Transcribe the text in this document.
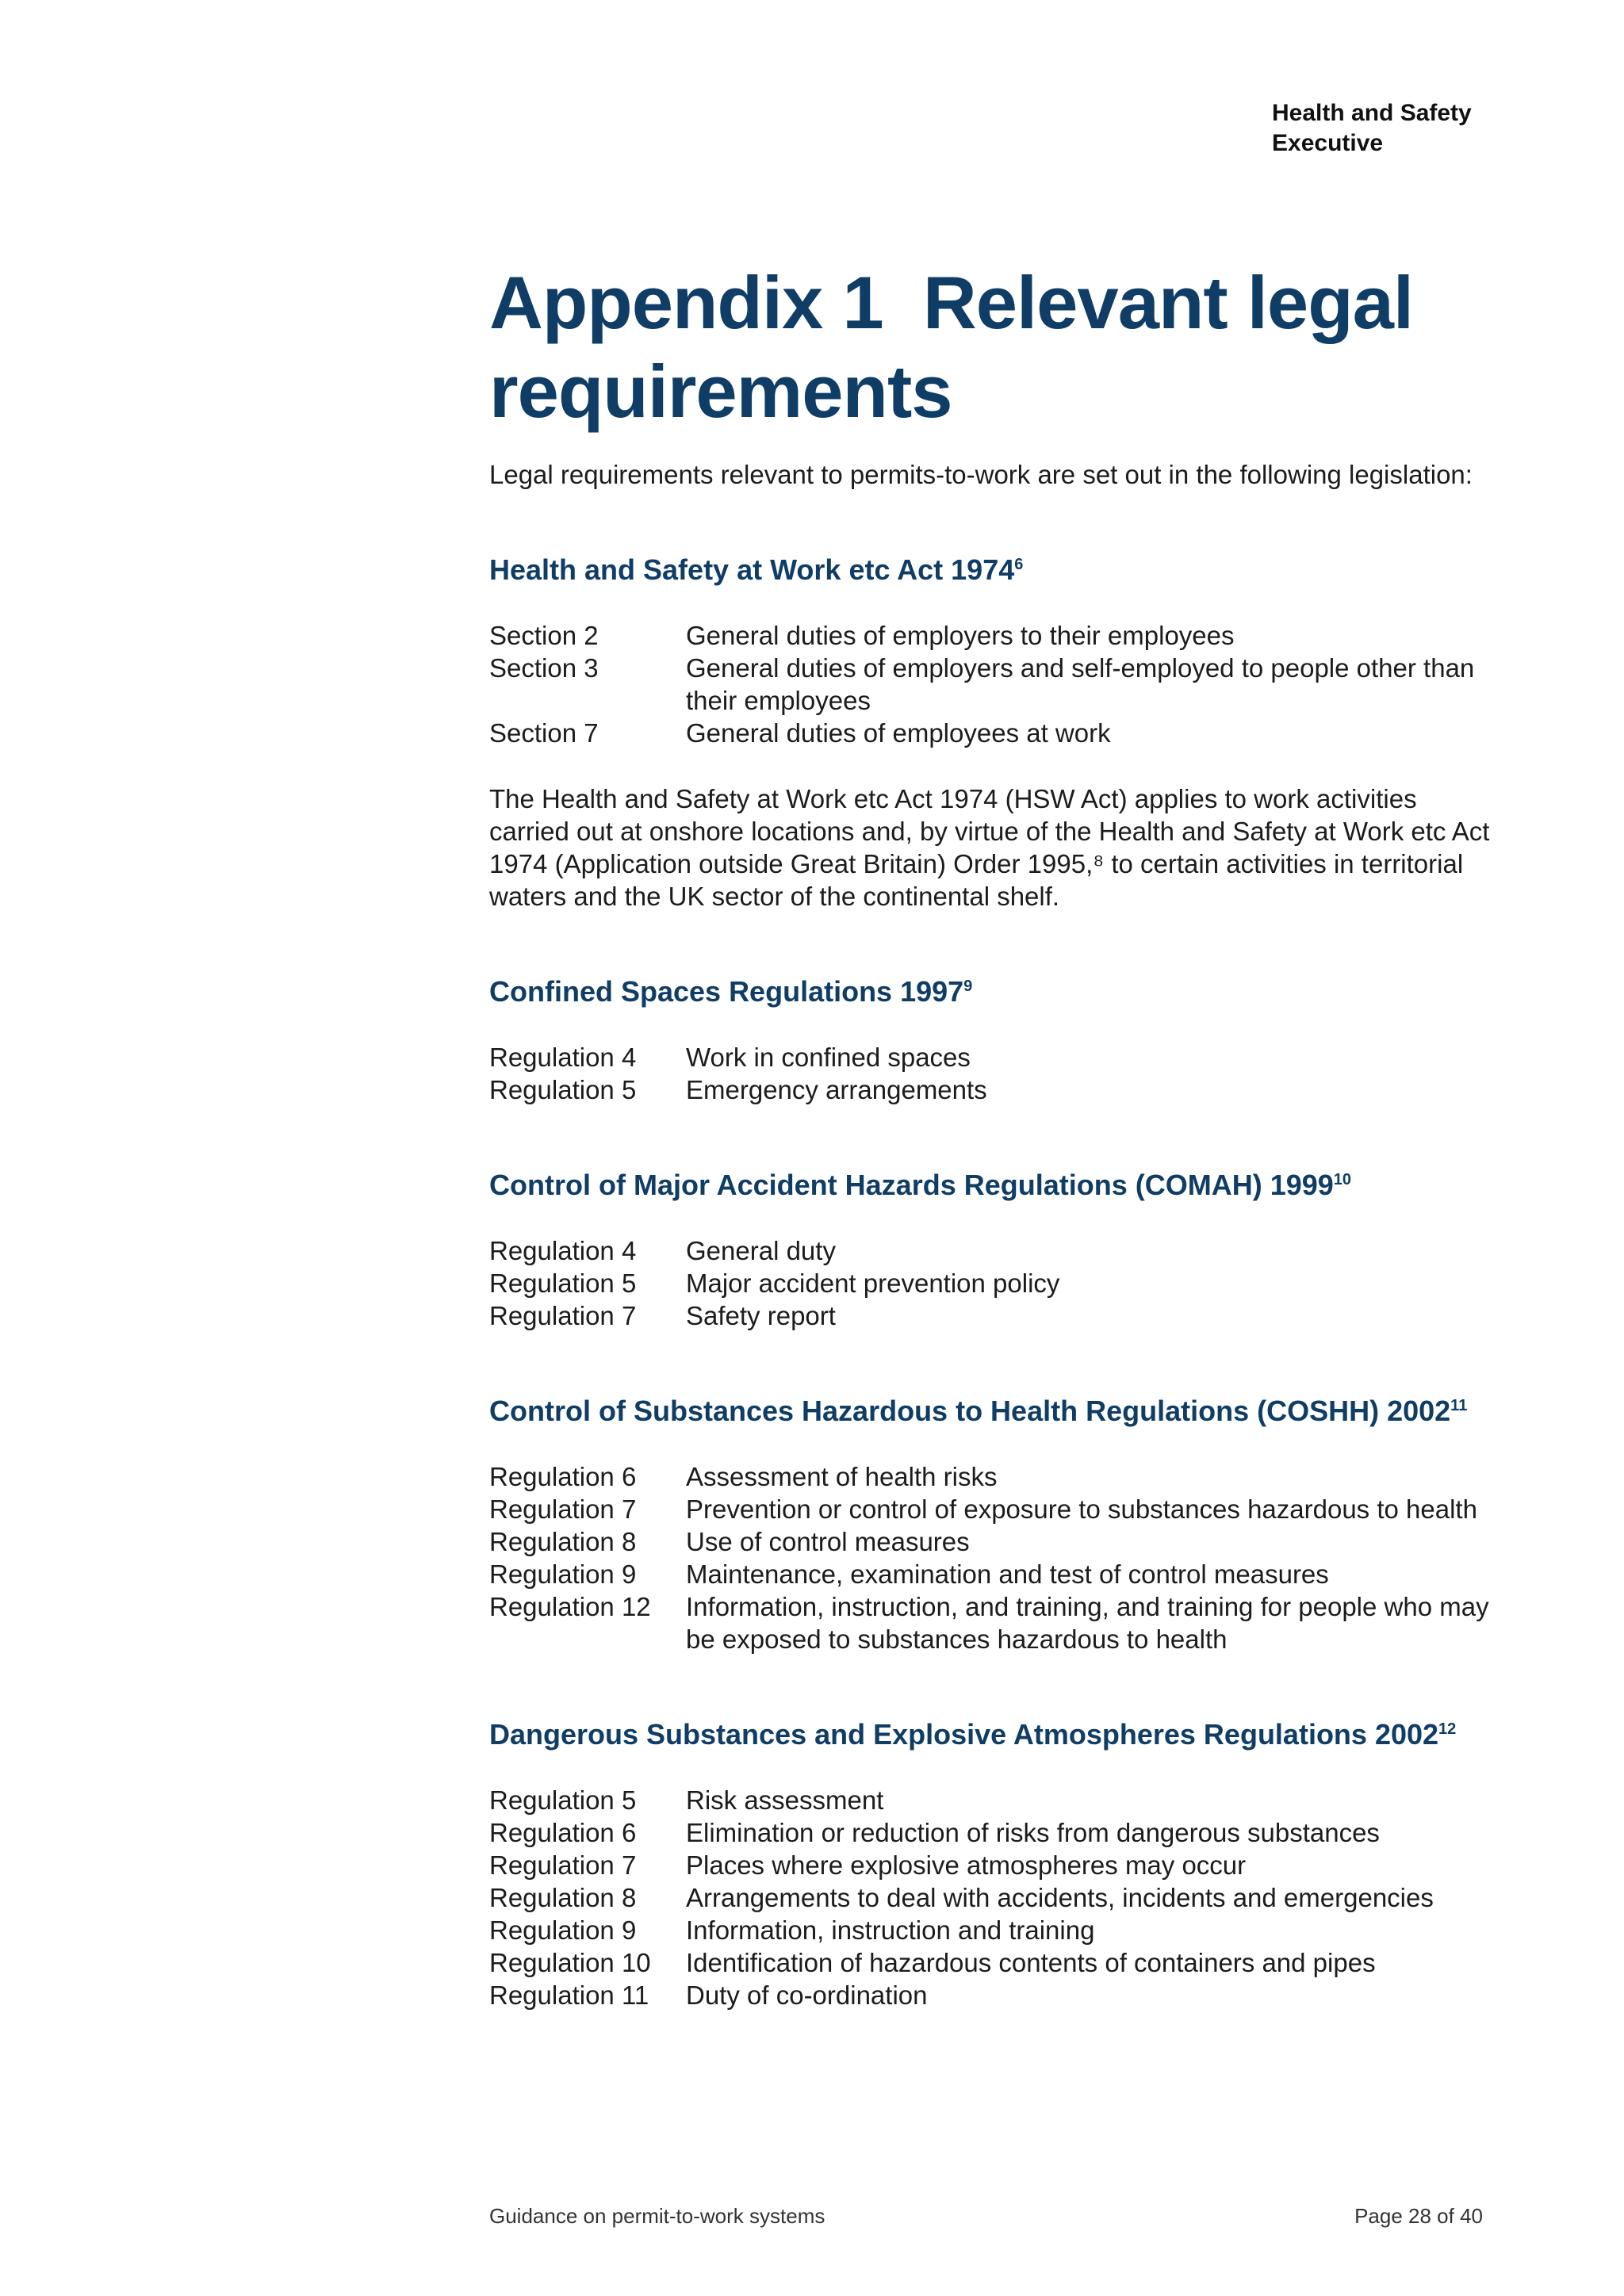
Health and Safety
Executive
Appendix 1  Relevant legal
requirements

Legal requirements relevant to permits-to-work are set out in the following legislation:

Health and Safety at Work etc Act 1974$^6$
Section 2	General duties of employers to their employees
Section 3	General duties of employers and self-employed to people other than their employees
Section 7	General duties of employees at work

The Health and Safety at Work etc Act 1974 (HSW Act) applies to work activities carried out at onshore locations and, by virtue of the Health and Safety at Work etc Act 1974 (Application outside Great Britain) Order 1995,⁸ to certain activities in territorial waters and the UK sector of the continental shelf.

Confined Spaces Regulations 1997$^9$
Regulation 4	Work in confined spaces
Regulation 5	Emergency arrangements
Control of Major Accident Hazards Regulations (COMAH) 1999$^{10}$
Regulation 4	General duty
Regulation 5	Major accident prevention policy
Regulation 7	Safety report
Control of Substances Hazardous to Health Regulations (COSHH) 2002$^{11}$
Regulation 6	Assessment of health risks
Regulation 7	Prevention or control of exposure to substances hazardous to health
Regulation 8	Use of control measures
Regulation 9	Maintenance, examination and test of control measures
Regulation 12	Information, instruction, and training, and training for people who may be exposed to substances hazardous to health
Dangerous Substances and Explosive Atmospheres Regulations 2002$^{12}$
Regulation 5	Risk assessment
Regulation 6	Elimination or reduction of risks from dangerous substances
Regulation 7	Places where explosive atmospheres may occur
Regulation 8	Arrangements to deal with accidents, incidents and emergencies
Regulation 9	Information, instruction and training
Regulation 10	Identification of hazardous contents of containers and pipes
Regulation 11	Duty of co-ordination
Guidance on permit-to-work systems	Page 28 of 40
